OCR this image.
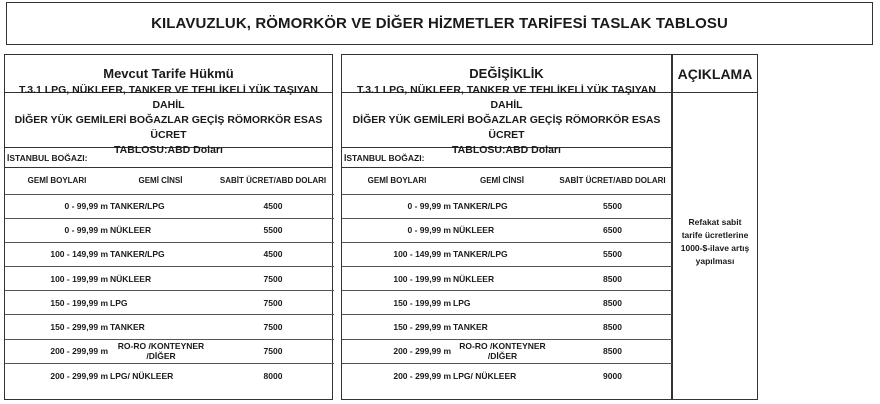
KILAVUZLUK, RÖMORKÖR VE DİĞER HİZMETLER TARİFESİ TASLAK TABLOSU
Mevcut Tarife Hükmü
T.3.1 LPG, NÜKLEER, TANKER VE TEHLİKELİ YÜK TAŞIYAN DAHİL
DİĞER YÜK GEMİLERİ BOĞAZLAR GEÇİŞ RÖMORKÖR ESAS ÜCRET
TABLOSU:ABD Doları
İSTANBUL BOĞAZI:
GEMİ BOYLARI	GEMİ CİNSİ	SABİT ÜCRET/ABD DOLARI
0 - 99,99 m	TANKER/LPG	4500
0 - 99,99 m	NÜKLEER	5500
100 - 149,99 m	TANKER/LPG	4500
100 - 199,99 m	NÜKLEER	7500
150 - 199,99 m	LPG	7500
150 - 299,99 m	TANKER	7500
200 - 299,99 m	RO-RO /KONTEYNER
/DİĞER	7500
200 - 299,99 m	LPG/ NÜKLEER	8000
DEĞİŞİKLİK
T.3.1 LPG, NÜKLEER, TANKER VE TEHLİKELİ YÜK TAŞIYAN DAHİL
DİĞER YÜK GEMİLERİ BOĞAZLAR GEÇİŞ RÖMORKÖR ESAS ÜCRET
TABLOSU:ABD Doları
İSTANBUL BOĞAZI:
GEMİ BOYLARI	GEMİ CİNSİ	SABİT ÜCRET/ABD DOLARI
0 - 99,99 m	TANKER/LPG	5500
0 - 99,99 m	NÜKLEER	6500
100 - 149,99 m	TANKER/LPG	5500
100 - 199,99 m	NÜKLEER	8500
150 - 199,99 m	LPG	8500
150 - 299,99 m	TANKER	8500
200 - 299,99 m	RO-RO /KONTEYNER
/DİĞER	8500
200 - 299,99 m	LPG/ NÜKLEER	9000
AÇIKLAMA
Refakat sabit
tarife ücretlerine
1000-$-ilave artış
yapılması
